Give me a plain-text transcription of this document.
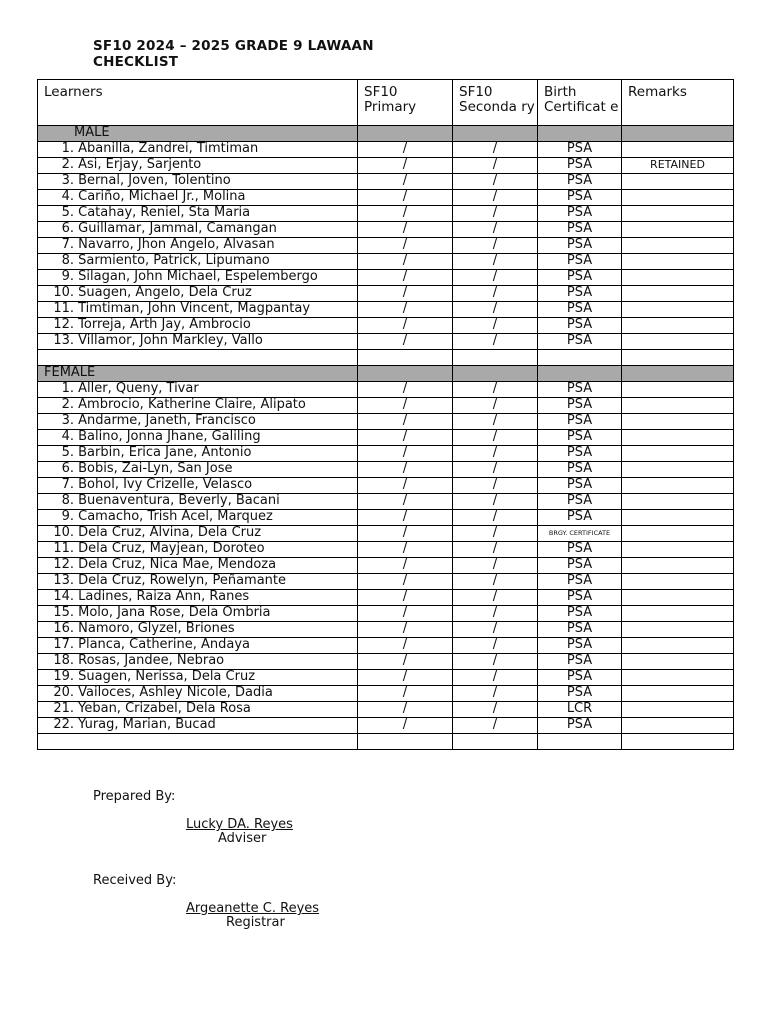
SF10 2024 – 2025 GRADE 9 LAWAAN CHECKLIST
Learners	SF10 Primary	SF10 Seconda ry	Birth Certificat e	Remarks
MALE				
1. Abanilla, Zandrei, Timtiman	/	/	PSA	
2. Asi, Erjay, Sarjento	/	/	PSA	RETAINED
3. Bernal, Joven, Tolentino	/	/	PSA	
4. Cariño, Michael Jr., Molina	/	/	PSA	
5. Catahay, Reniel, Sta Maria	/	/	PSA	
6. Guillamar, Jammal, Camangan	/	/	PSA	
7. Navarro, Jhon Angelo, Alvasan	/	/	PSA	
8. Sarmiento, Patrick, Lipumano	/	/	PSA	
9. Silagan, John Michael, Espelembergo	/	/	PSA	
10. Suagen, Angelo, Dela Cruz	/	/	PSA	
11. Timtiman, John Vincent, Magpantay	/	/	PSA	
12. Torreja, Arth Jay, Ambrocio	/	/	PSA	
13. Villamor, John Markley, Vallo	/	/	PSA	

FEMALE				
1. Aller, Queny, Tivar	/	/	PSA	
2. Ambrocio, Katherine Claire, Alipato	/	/	PSA	
3. Andarme, Janeth, Francisco	/	/	PSA	
4. Balino, Jonna Jhane, Galiling	/	/	PSA	
5. Barbin, Erica Jane, Antonio	/	/	PSA	
6. Bobis, Zai-Lyn, San Jose	/	/	PSA	
7. Bohol, Ivy Crizelle, Velasco	/	/	PSA	
8. Buenaventura, Beverly, Bacani	/	/	PSA	
9. Camacho, Trish Acel, Marquez	/	/	PSA	
10. Dela Cruz, Alvina, Dela Cruz	/	/	BRGY. CERTIFICATE	
11. Dela Cruz, Mayjean, Doroteo	/	/	PSA	
12. Dela Cruz, Nica Mae, Mendoza	/	/	PSA	
13. Dela Cruz, Rowelyn, Peñamante	/	/	PSA	
14. Ladines, Raiza Ann, Ranes	/	/	PSA	
15. Molo, Jana Rose, Dela Ombria	/	/	PSA	
16. Namoro, Glyzel, Briones	/	/	PSA	
17. Planca, Catherine, Andaya	/	/	PSA	
18. Rosas, Jandee, Nebrao	/	/	PSA	
19. Suagen, Nerissa, Dela Cruz	/	/	PSA	
20. Vailoces, Ashley Nicole, Dadia	/	/	PSA	
21. Yeban, Crizabel, Dela Rosa	/	/	LCR	
22. Yurag, Marian, Bucad	/	/	PSA	

Prepared By:
Lucky DA. Reyes
Adviser
Received By:
Argeanette C. Reyes
Registrar
